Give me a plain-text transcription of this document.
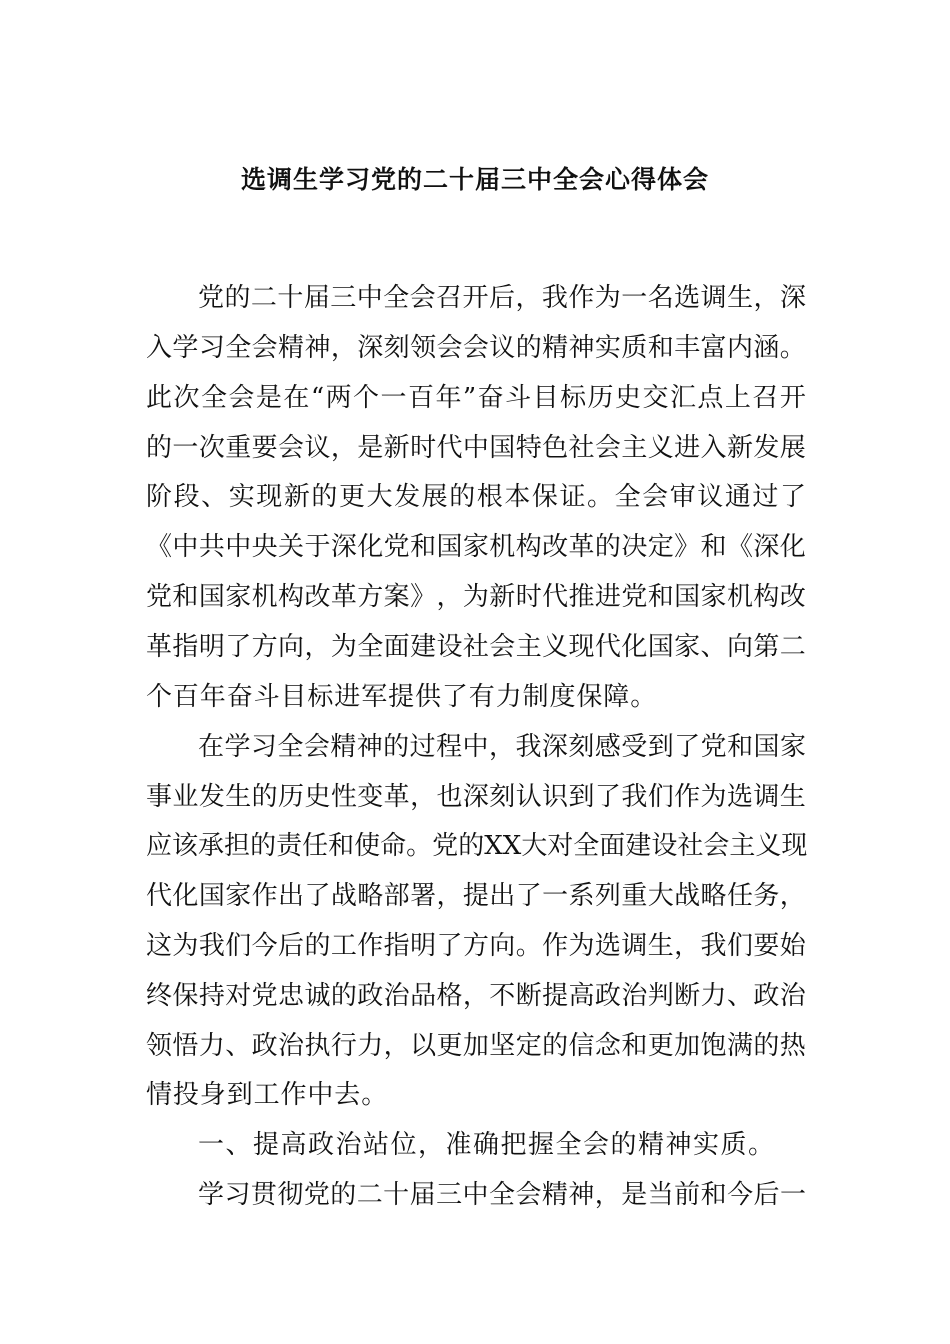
选调生学习党的二十届三中全会心得体会
党 的 二 十 届 三 中 全 会 召 开 后 ， 我 作 为 一 名 选 调 生 ， 深
入 学 习 全 会 精 神 ， 深 刻 领 会 会 议 的 精 神 实 质 和 丰 富 内 涵 。
此 次 全 会 是 在 “ 两 个 一 百 年 ” 奋 斗 目 标 历 史 交 汇 点 上 召 开
的 一 次 重 要 会 议 ， 是 新 时 代 中 国 特 色 社 会 主 义 进 入 新 发 展
阶 段 、 实 现 新 的 更 大 发 展 的 根 本 保 证 。 全 会 审 议 通 过 了
《 中 共 中 央 关 于 深 化 党 和 国 家 机 构 改 革 的 决 定 》 和 《 深 化
党 和 国 家 机 构 改 革 方 案 》 ， 为 新 时 代 推 进 党 和 国 家 机 构 改
革 指 明 了 方 向 ， 为 全 面 建 设 社 会 主 义 现 代 化 国 家 、 向 第 二
个百年奋斗目标进军提供了有力制度保障。
在 学 习 全 会 精 神 的 过 程 中 ， 我 深 刻 感 受 到 了 党 和 国 家
事 业 发 生 的 历 史 性 变 革 ， 也 深 刻 认 识 到 了 我 们 作 为 选 调 生
应 该 承 担 的 责 任 和 使 命 。 党 的 X X 大 对 全 面 建 设 社 会 主 义 现
代 化 国 家 作 出 了 战 略 部 署 ， 提 出 了 一 系 列 重 大 战 略 任 务 ，
这 为 我 们 今 后 的 工 作 指 明 了 方 向 。 作 为 选 调 生 ， 我 们 要 始
终 保 持 对 党 忠 诚 的 政 治 品 格 ， 不 断 提 高 政 治 判 断 力 、 政 治
领 悟 力 、 政 治 执 行 力 ， 以 更 加 坚 定 的 信 念 和 更 加 饱 满 的 热
情投身到工作中去。
一、提高政治站位，准确把握全会的精神实质。
学 习 贯 彻 党 的 二 十 届 三 中 全 会 精 神 ， 是 当 前 和 今 后 一
